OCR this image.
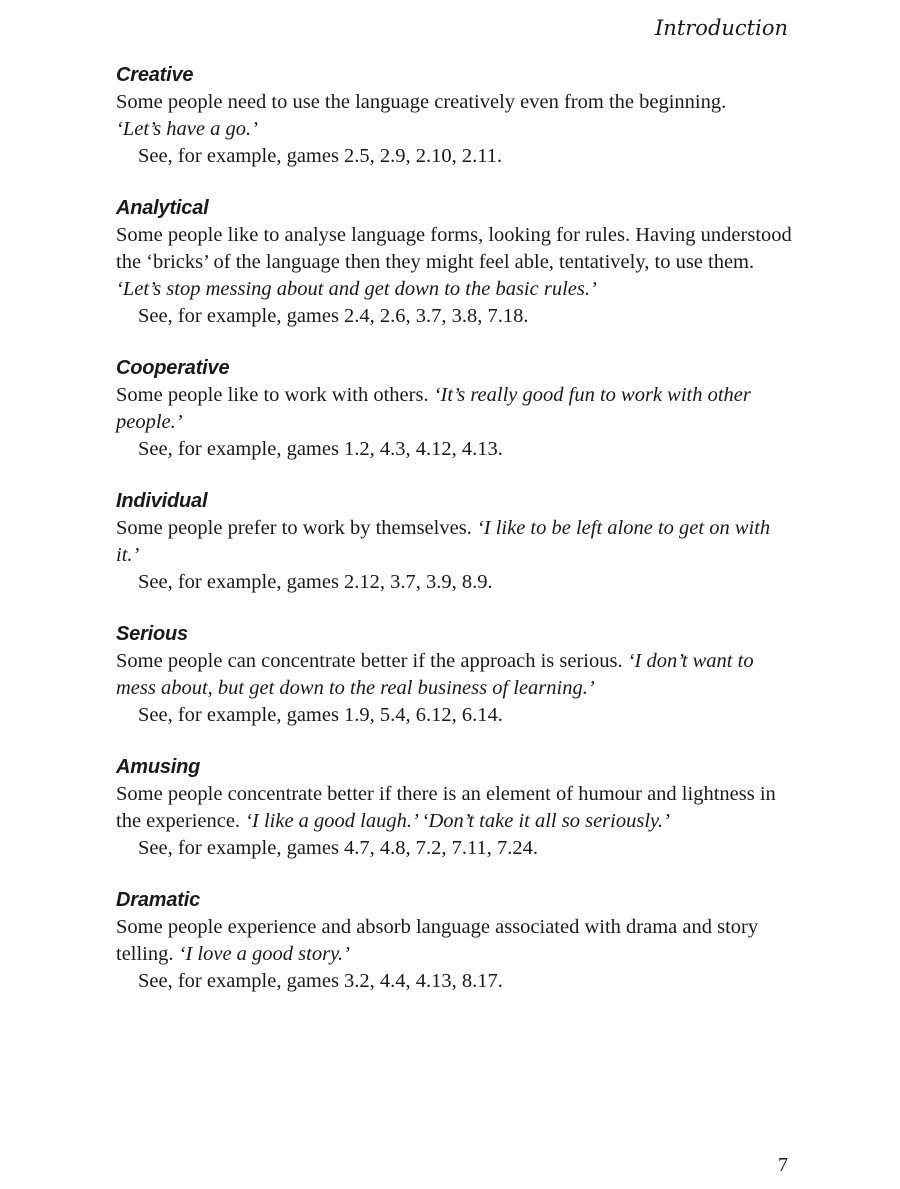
Introduction
Creative

Some people need to use the language creatively even from the beginning.
‘Let’s have a go.’

See, for example, games 2.5, 2.9, 2.10, 2.11.

Analytical

Some people like to analyse language forms, looking for rules. Having understood the ‘bricks’ of the language then they might feel able, tentatively, to use them. ‘Let’s stop messing about and get down to the basic rules.’

See, for example, games 2.4, 2.6, 3.7, 3.8, 7.18.

Cooperative

Some people like to work with others. ‘It’s really good fun to work with other people.’

See, for example, games 1.2, 4.3, 4.12, 4.13.

Individual

Some people prefer to work by themselves. ‘I like to be left alone to get on with it.’

See, for example, games 2.12, 3.7, 3.9, 8.9.

Serious

Some people can concentrate better if the approach is serious. ‘I don’t want to mess about, but get down to the real business of learning.’

See, for example, games 1.9, 5.4, 6.12, 6.14.

Amusing

Some people concentrate better if there is an element of humour and lightness in the experience. ‘I like a good laugh.’ ‘Don’t take it all so seriously.’

See, for example, games 4.7, 4.8, 7.2, 7.11, 7.24.

Dramatic

Some people experience and absorb language associated with drama and story telling. ‘I love a good story.’

See, for example, games 3.2, 4.4, 4.13, 8.17.

7
